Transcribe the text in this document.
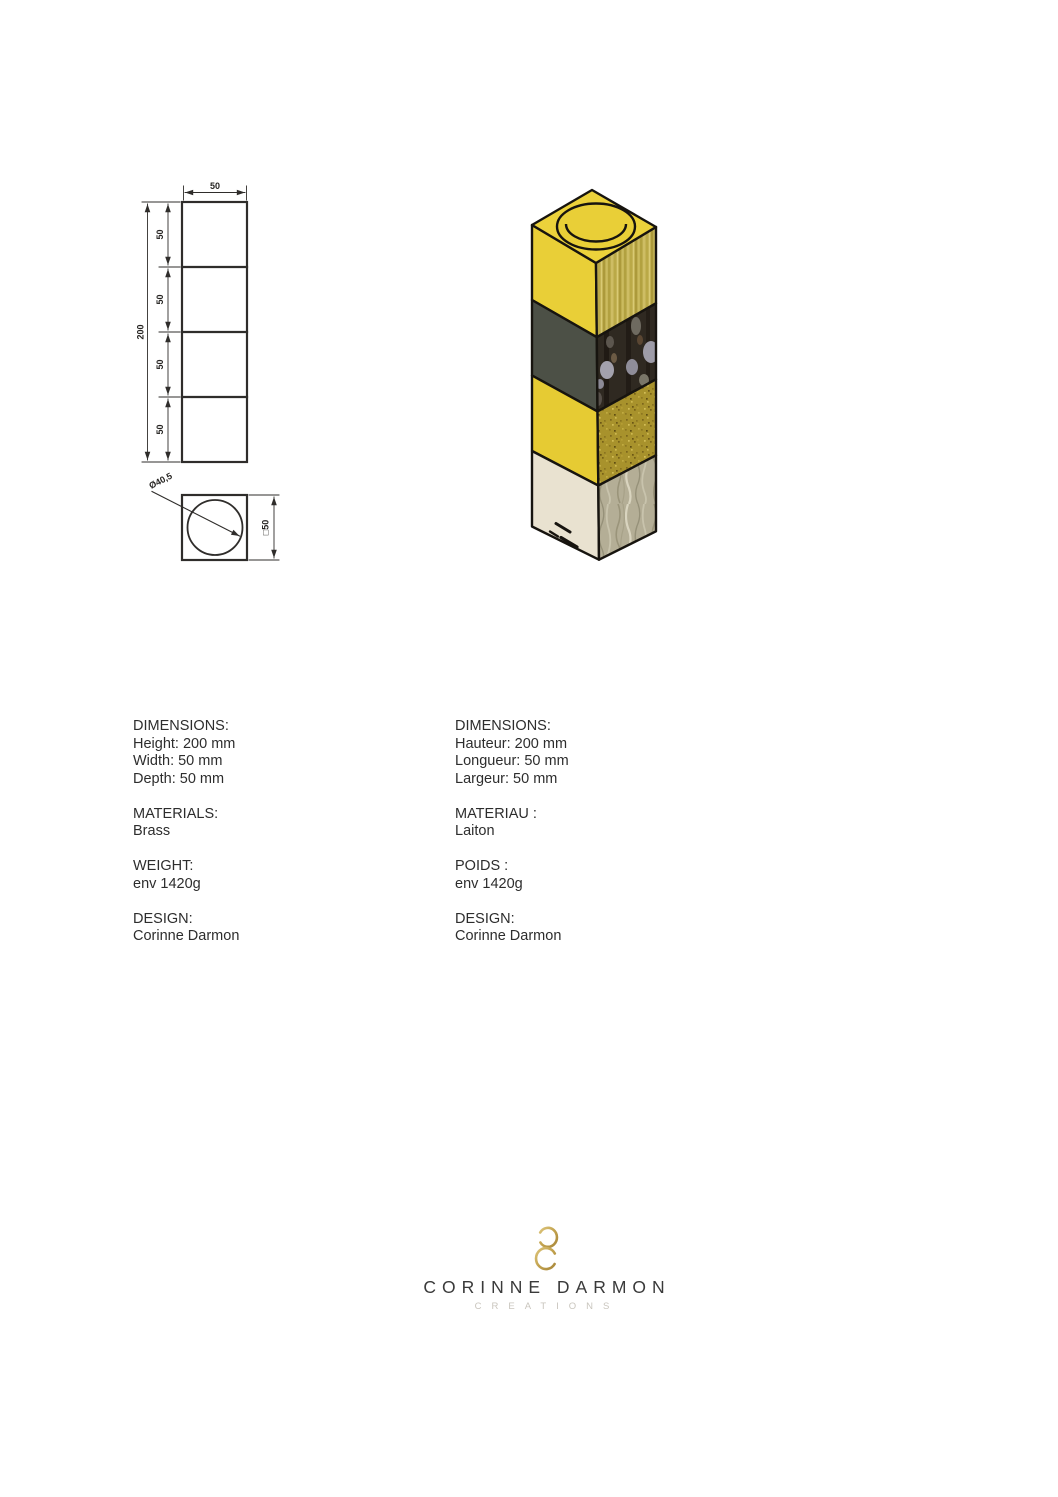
50
200
50
50
50
50
Ø40,5
□50
DIMENSIONS:
Height: 200 mm
Width: 50 mm
Depth: 50 mm
MATERIALS:
Brass
WEIGHT:
env 1420g
DESIGN:
Corinne Darmon
DIMENSIONS:
Hauteur: 200 mm
Longueur: 50 mm
Largeur: 50 mm
MATERIAU :
Laiton
POIDS :
env 1420g
DESIGN:
Corinne Darmon
CORINNE DARMON
CREATIONS
